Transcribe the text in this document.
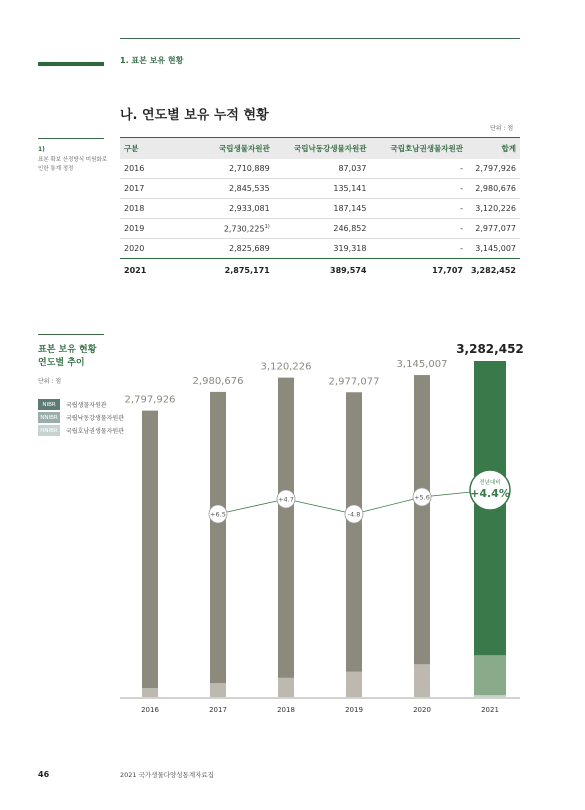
1. 표본 보유 현황
나. 연도별 보유 누적 현황
단위 : 점
1)
표본 확보 산정방식 미원화로 인한 통계 정정
구분	국립생물자원관	국립낙동강생물자원관	국립호남권생물자원관	합계
2016	2,710,889	87,037	-	2,797,926
2017	2,845,535	135,141	-	2,980,676
2018	2,933,081	187,145	-	3,120,226
2019	2,730,225$^{1)}$	246,852	-	2,977,077
2020	2,825,689	319,318	-	3,145,007
2021	2,875,171	389,574	17,707	3,282,452
표본 보유 현황
연도별 추이
단위 : 점
NIBR	국립생물자원관
NNIBR	국립낙동강생물자원관
HNIBR	국립호남권생물자원관
2,797,926
2016
2,980,676
2017
3,120,226
2018
2,977,077
2019
3,145,007
2020
3,282,452
2021
+6.5
+4.7
-4.8
+5.6
전년대비
+4.4%
46	2021 국가생물다양성통계자료집
